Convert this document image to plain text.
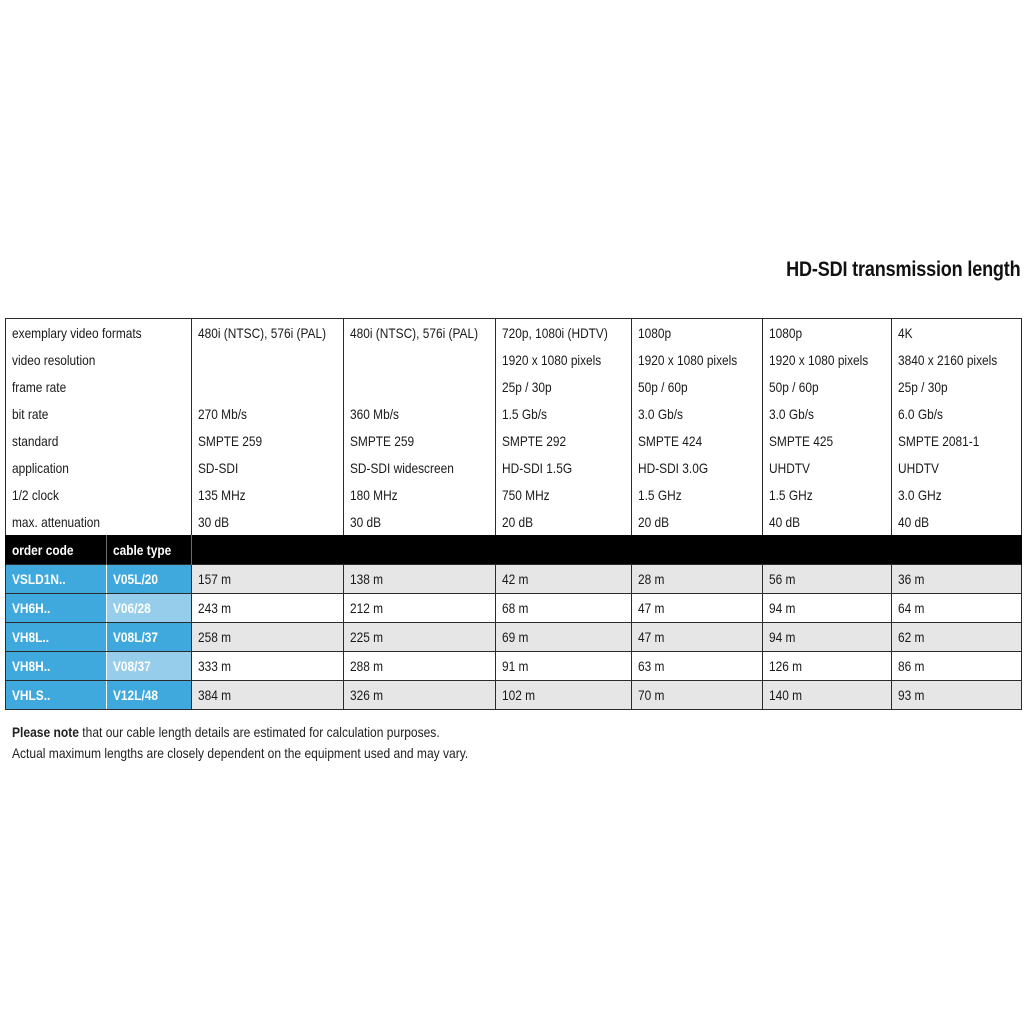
HD-SDI transmission length
exemplary video formats		480i (NTSC), 576i (PAL)	480i (NTSC), 576i (PAL)	720p, 1080i (HDTV)	1080p	1080p	4K
video resolution				1920 x 1080 pixels	1920 x 1080 pixels	1920 x 1080 pixels	3840 x 2160 pixels
frame rate				25p / 30p	50p / 60p	50p / 60p	25p / 30p
bit rate		270 Mb/s	360 Mb/s	1.5 Gb/s	3.0 Gb/s	3.0 Gb/s	6.0 Gb/s
standard		SMPTE 259	SMPTE 259	SMPTE 292	SMPTE 424	SMPTE 425	SMPTE 2081-1
application		SD-SDI	SD-SDI widescreen	HD-SDI 1.5G	HD-SDI 3.0G	UHDTV	UHDTV
1/2 clock		135 MHz	180 MHz	750 MHz	1.5 GHz	1.5 GHz	3.0 GHz
max. attenuation		30 dB	30 dB	20 dB	20 dB	40 dB	40 dB
order code	cable type						
VSLD1N..	V05L/20	157 m	138 m	42 m	28 m	56 m	36 m
VH6H..	V06/28	243 m	212 m	68 m	47 m	94 m	64 m
VH8L..	V08L/37	258 m	225 m	69 m	47 m	94 m	62 m
VH8H..	V08/37	333 m	288 m	91 m	63 m	126 m	86 m
VHLS..	V12L/48	384 m	326 m	102 m	70 m	140 m	93 m
Please note that our cable length details are estimated for calculation purposes.
Actual maximum lengths are closely dependent on the equipment used and may vary.
